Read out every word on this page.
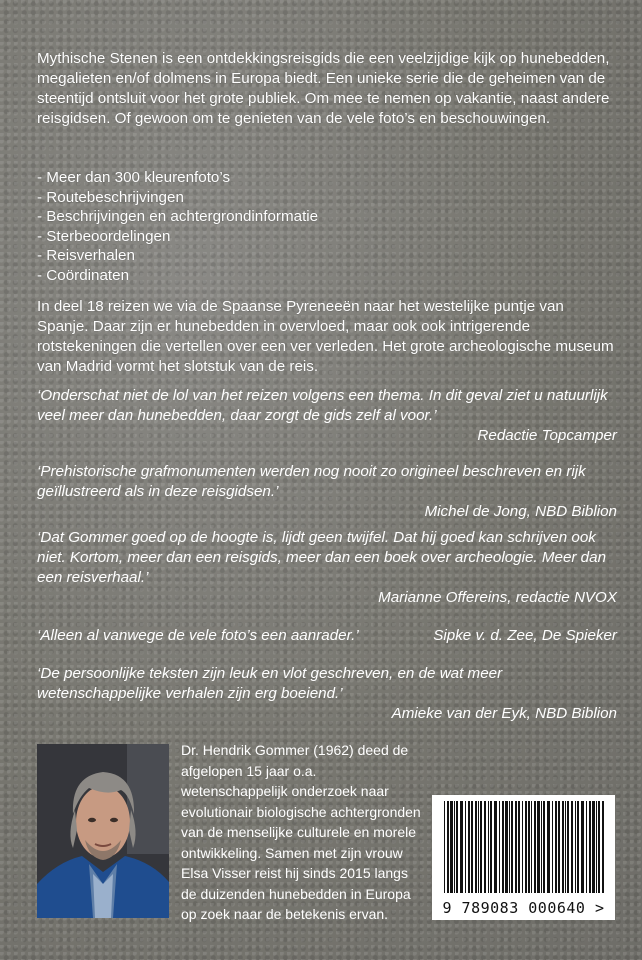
Mythische Stenen is een ontdekkingsreisgids die een veelzijdige kijk op hunebedden, megalieten en/of dolmens in Europa biedt. Een unieke serie die de geheimen van de steentijd ontsluit voor het grote publiek. Om mee te nemen op vakantie, naast andere reisgidsen. Of gewoon om te genieten van de vele foto’s en beschouwingen.
- Meer dan 300 kleurenfoto’s
- Routebeschrijvingen
- Beschrijvingen en achtergrondinformatie
- Sterbeoordelingen
- Reisverhalen
- Coördinaten
In deel 18 reizen we via de Spaanse Pyreneeën naar het westelijke puntje van Spanje. Daar zijn er hunebedden in overvloed, maar ook ook intrigerende rotstekeningen die vertellen over een ver verleden. Het grote archeologische museum van Madrid vormt het slotstuk van de reis.
‘Onderschat niet de lol van het reizen volgens een thema. In dit geval ziet u natuurlijk veel meer dan hunebedden, daar zorgt de gids zelf al voor.’
Redactie Topcamper
‘Prehistorische grafmonumenten werden nog nooit zo origineel beschreven en rijk geïllustreerd als in deze reisgidsen.’
Michel de Jong, NBD Biblion
‘Dat Gommer goed op de hoogte is, lijdt geen twijfel. Dat hij goed kan schrijven ook niet. Kortom, meer dan een reisgids, meer dan een boek over archeologie. Meer dan een reisverhaal.’
Marianne Offereins, redactie NVOX
‘Alleen al vanwege de vele foto’s een aanrader.’	Sipke v. d. Zee, De Spieker
‘De persoonlijke teksten zijn leuk en vlot geschreven, en de wat meer wetenschappelijke verhalen zijn erg boeiend.’
Amieke van der Eyk, NBD Biblion
Dr. Hendrik Gommer (1962) deed de afgelopen 15 jaar o.a. wetenschappelijk onderzoek naar evolutionair biologische achtergronden van de menselijke culturele en morele ontwikkeling. Samen met zijn vrouw Elsa Visser reist hij sinds 2015 langs de duizenden hunebedden in Europa op zoek naar de betekenis ervan.	9 789083 000640 >
